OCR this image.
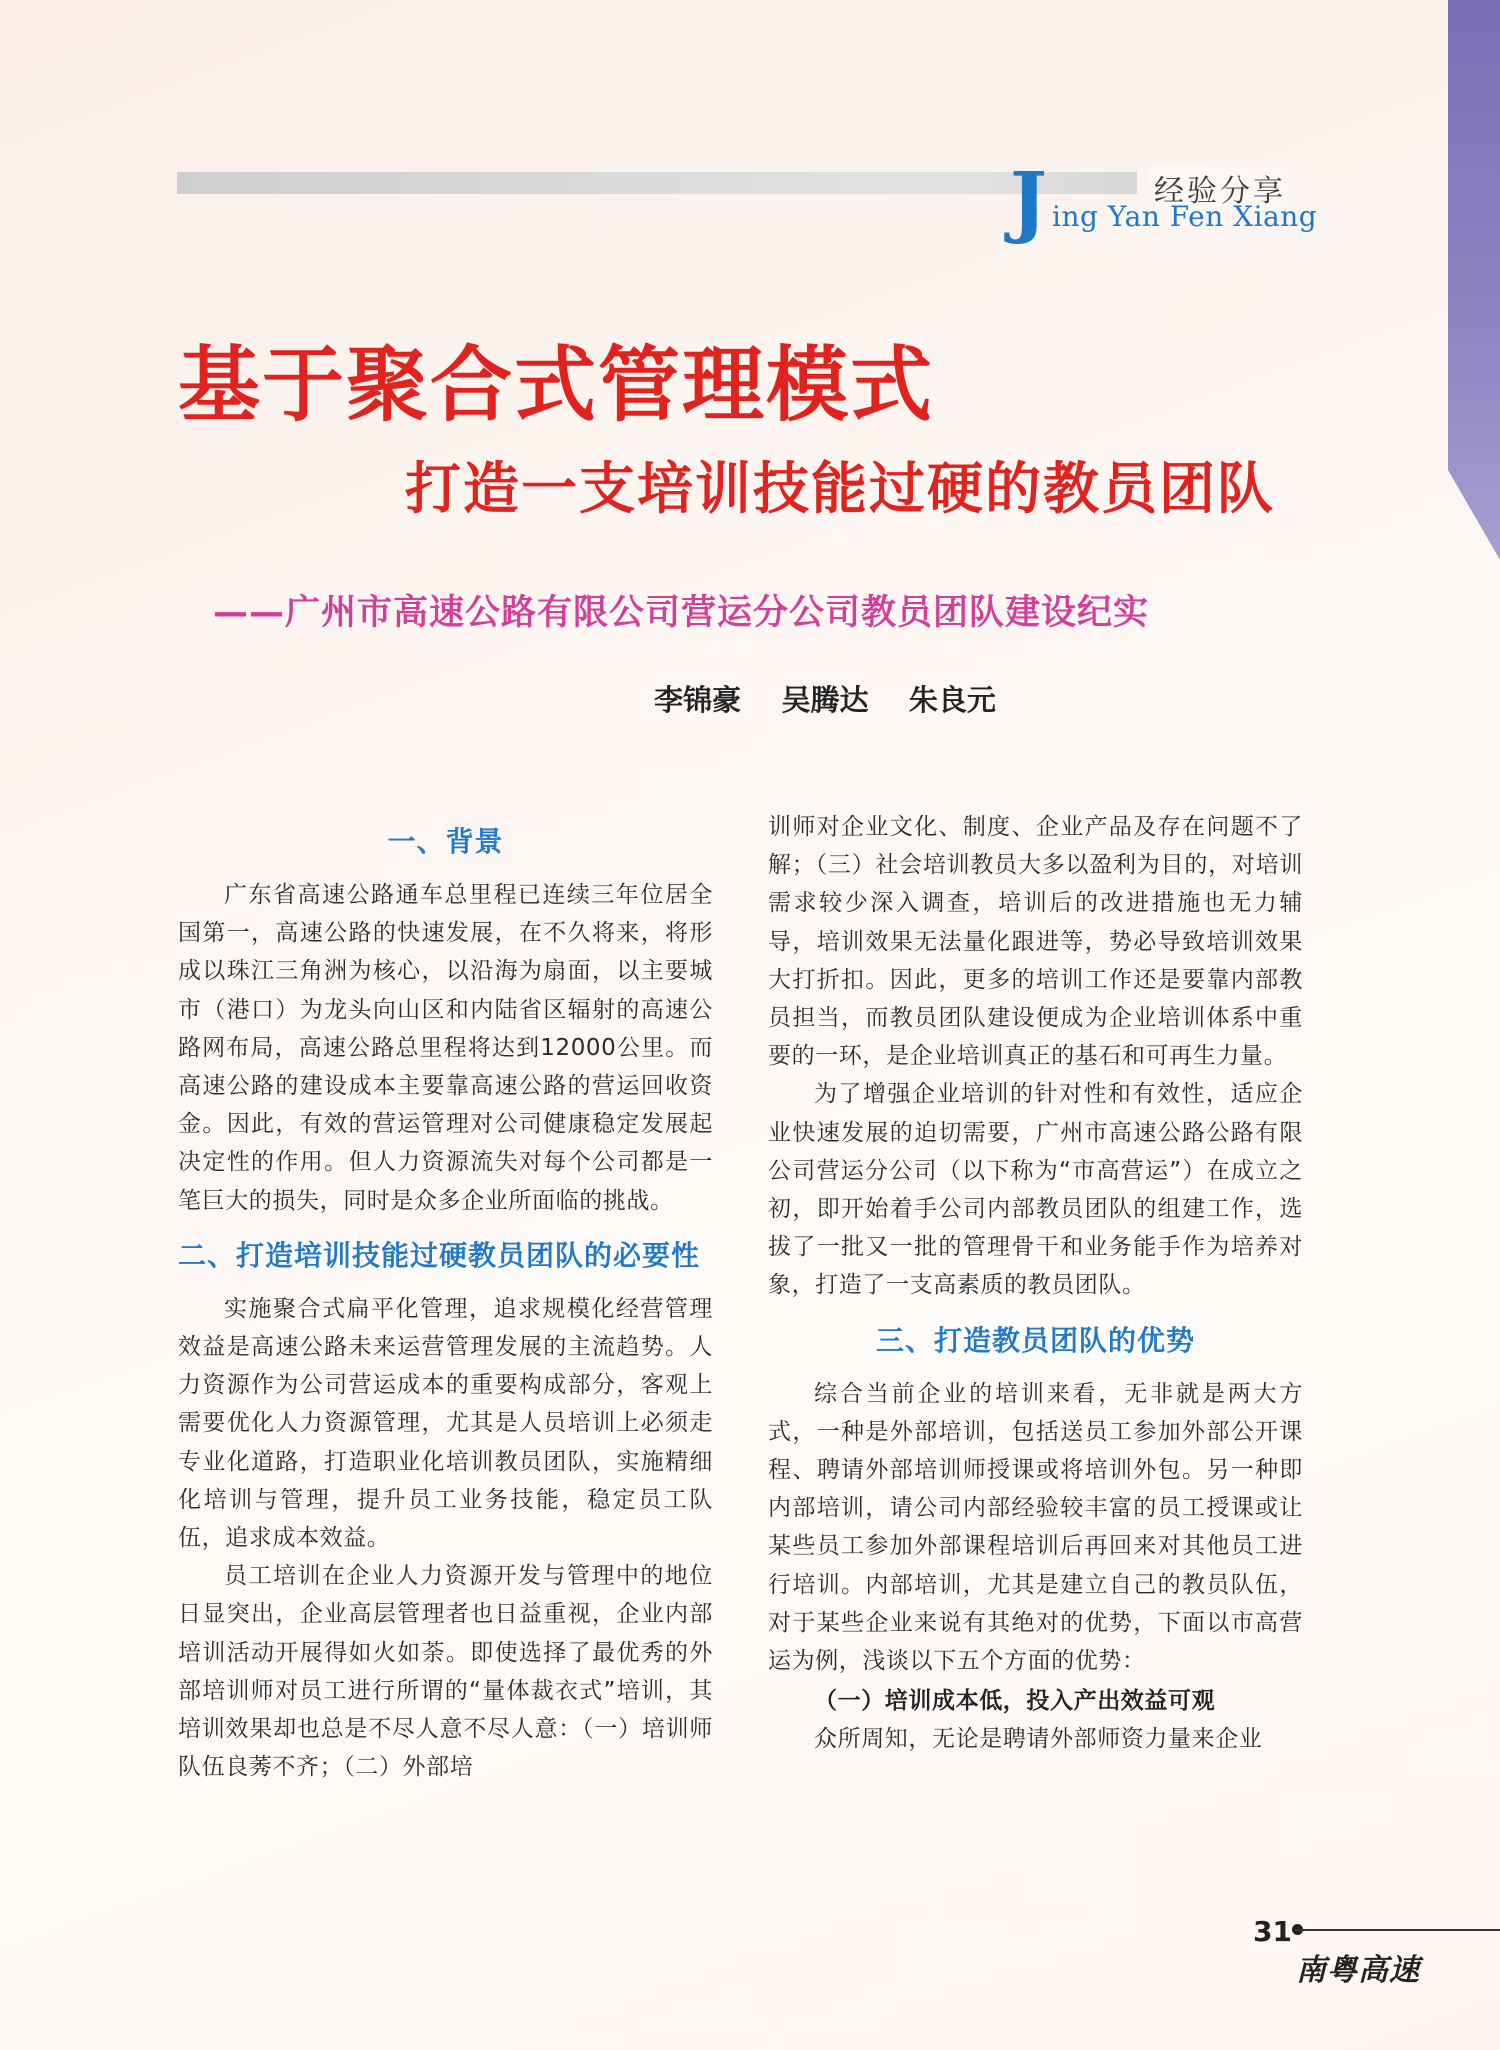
经验分享
J ing Yan Fen Xiang
基于聚合式管理模式
打造一支培训技能过硬的教员团队
——广州市高速公路有限公司营运分公司教员团队建设纪实
李锦豪    吴腾达    朱良元
一、背景

广东省高速公路通车总里程已连续三年位居全国第一，高速公路的快速发展，在不久将来，将形成以珠江三角洲为核心，以沿海为扇面，以主要城市（港口）为龙头向山区和内陆省区辐射的高速公路网布局，高速公路总里程将达到12000公里。而高速公路的建设成本主要靠高速公路的营运回收资金。因此，有效的营运管理对公司健康稳定发展起决定性的作用。但人力资源流失对每个公司都是一笔巨大的损失，同时是众多企业所面临的挑战。

二、打造培训技能过硬教员团队的必要性

实施聚合式扁平化管理，追求规模化经营管理效益是高速公路未来运营管理发展的主流趋势。人力资源作为公司营运成本的重要构成部分，客观上需要优化人力资源管理，尤其是人员培训上必须走专业化道路，打造职业化培训教员团队，实施精细化培训与管理，提升员工业务技能，稳定员工队伍，追求成本效益。

员工培训在企业人力资源开发与管理中的地位日显突出，企业高层管理者也日益重视，企业内部培训活动开展得如火如荼。即使选择了最优秀的外部培训师对员工进行所谓的“量体裁衣式”培训，其培训效果却也总是不尽人意不尽人意：（一）培训师队伍良莠不齐；（二）外部培

训师对企业文化、制度、企业产品及存在问题不了解；（三）社会培训教员大多以盈利为目的，对培训需求较少深入调查，培训后的改进措施也无力辅导，培训效果无法量化跟进等，势必导致培训效果大打折扣。因此，更多的培训工作还是要靠内部教员担当，而教员团队建设便成为企业培训体系中重要的一环，是企业培训真正的基石和可再生力量。

为了增强企业培训的针对性和有效性，适应企业快速发展的迫切需要，广州市高速公路公路有限公司营运分公司（以下称为“市高营运”）在成立之初，即开始着手公司内部教员团队的组建工作，选拔了一批又一批的管理骨干和业务能手作为培养对象，打造了一支高素质的教员团队。

三、打造教员团队的优势

综合当前企业的培训来看，无非就是两大方式，一种是外部培训，包括送员工参加外部公开课程、聘请外部培训师授课或将培训外包。另一种即内部培训，请公司内部经验较丰富的员工授课或让某些员工参加外部课程培训后再回来对其他员工进行培训。内部培训，尤其是建立自己的教员队伍，对于某些企业来说有其绝对的优势，下面以市高营运为例，浅谈以下五个方面的优势：

（一）培训成本低，投入产出效益可观

众所周知，无论是聘请外部师资力量来企业

31
南粤高速
